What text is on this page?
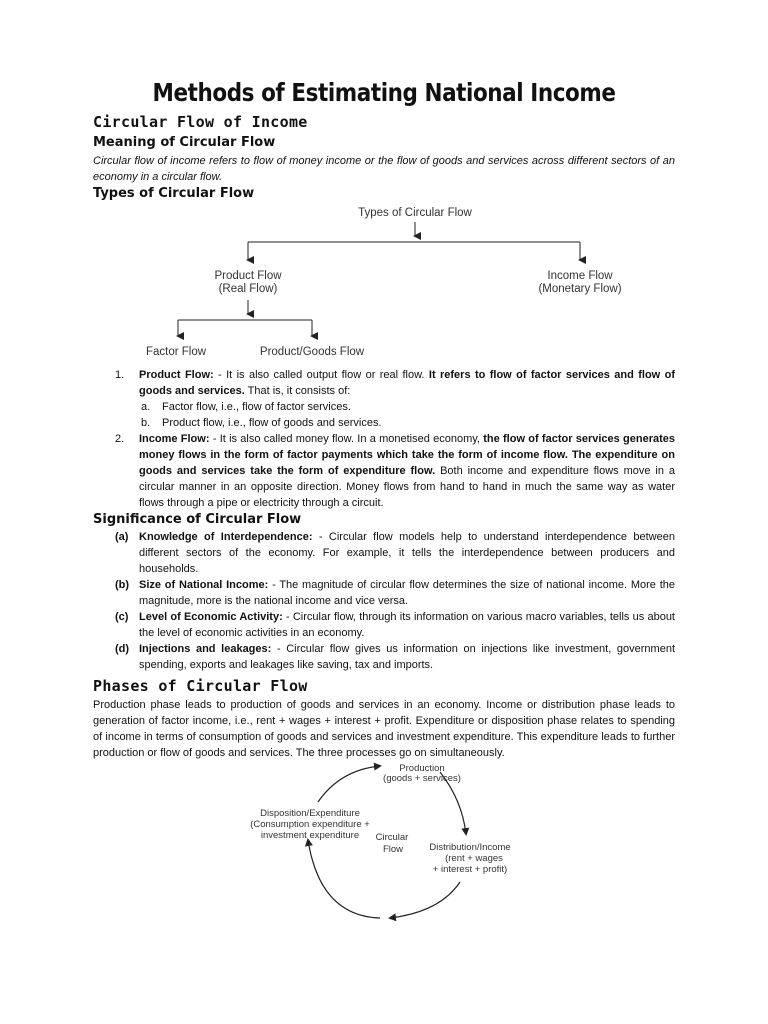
Methods of Estimating National Income
Circular Flow of Income
Meaning of Circular Flow
Circular flow of income refers to flow of money income or the flow of goods and services across different sectors of an economy in a circular flow.
Types of Circular Flow
Types of Circular Flow
Product Flow
(Real Flow)
Income Flow
(Monetary Flow)
Factor Flow	Product/Goods Flow
1. Product Flow: - It is also called output flow or real flow. It refers to flow of factor services and flow of goods and services. That is, it consists of:
a. Factor flow, i.e., flow of factor services.
b. Product flow, i.e., flow of goods and services.
2. Income Flow: - It is also called money flow. In a monetised economy, the flow of factor services generates money flows in the form of factor payments which take the form of income flow. The expenditure on goods and services take the form of expenditure flow. Both income and expenditure flows move in a circular manner in an opposite direction. Money flows from hand to hand in much the same way as water flows through a pipe or electricity through a circuit.
Significance of Circular Flow
(a) Knowledge of Interdependence: - Circular flow models help to understand interdependence between different sectors of the economy. For example, it tells the interdependence between producers and households.
(b) Size of National Income: - The magnitude of circular flow determines the size of national income. More the magnitude, more is the national income and vice versa.
(c) Level of Economic Activity: - Circular flow, through its information on various macro variables, tells us about the level of economic activities in an economy.
(d) Injections and leakages: - Circular flow gives us information on injections like investment, government spending, exports and leakages like saving, tax and imports.
Phases of Circular Flow
Production phase leads to production of goods and services in an economy. Income or distribution phase leads to generation of factor income, i.e., rent + wages + interest + profit. Expenditure or disposition phase relates to spending of income in terms of consumption of goods and services and investment expenditure. This expenditure leads to further production or flow of goods and services. The three processes go on simultaneously.
Production
(goods + services)
Distribution/Income
(rent + wages
+ interest + profit)
Disposition/Expenditure
(Consumption expenditure +
investment expenditure Circular
Flow
